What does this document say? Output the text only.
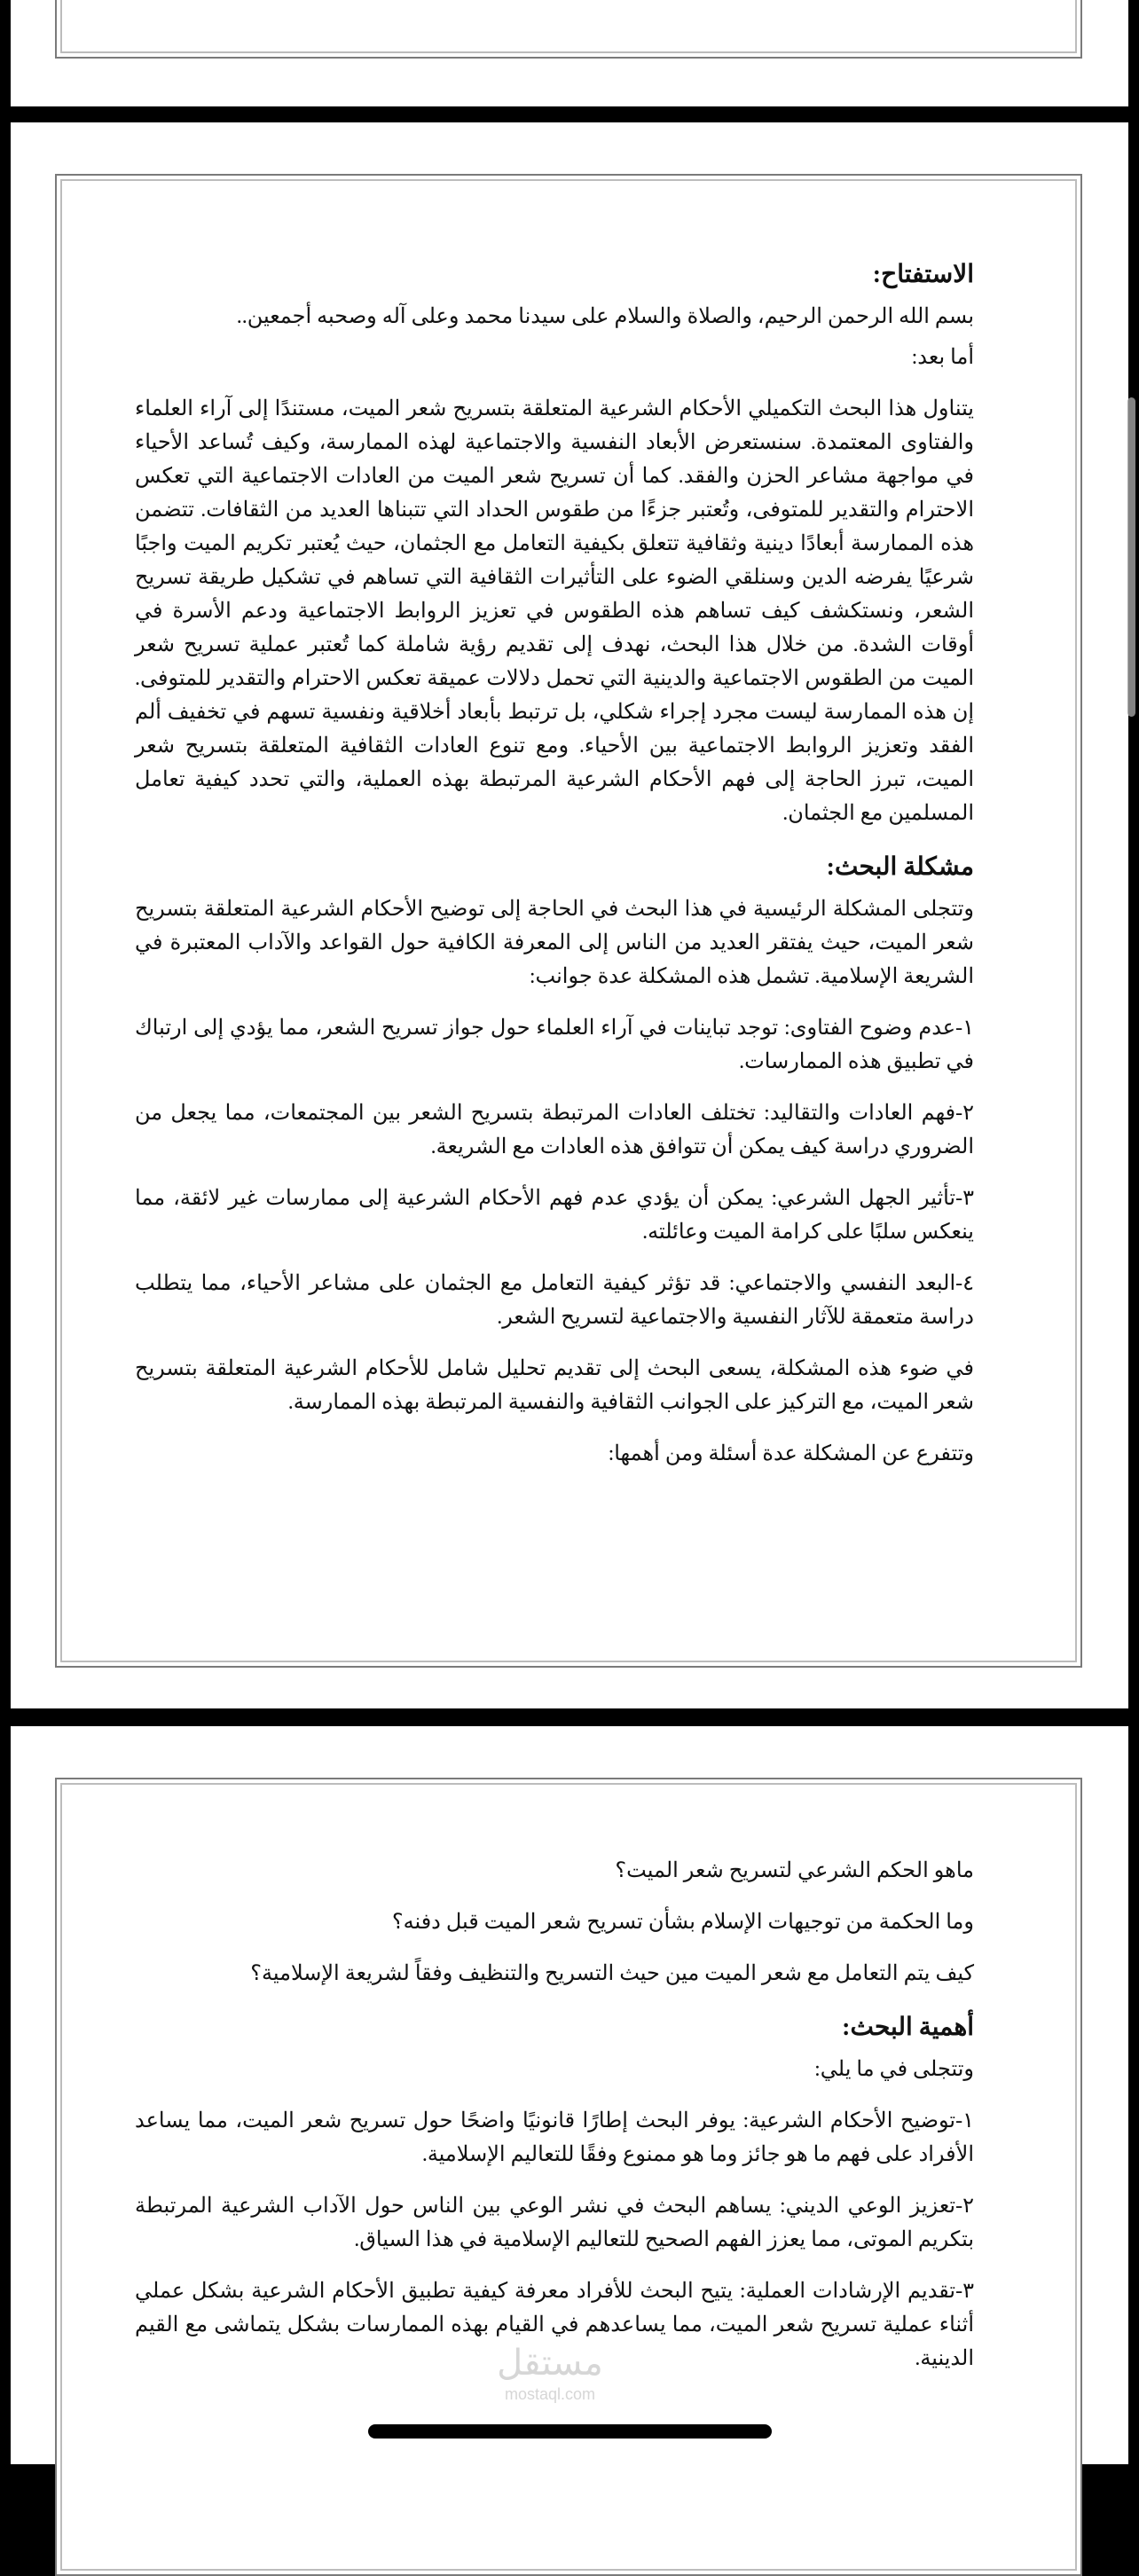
الاستفتاح:

بسم الله الرحمن الرحيم، والصلاة والسلام على سيدنا محمد وعلى آله وصحبه أجمعين..

أما بعد:

يتناول هذا البحث التكميلي الأحكام الشرعية المتعلقة بتسريح شعر الميت، مستندًا إلى آراء العلماء والفتاوى المعتمدة. سنستعرض الأبعاد النفسية والاجتماعية لهذه الممارسة، وكيف تُساعد الأحياء في مواجهة مشاعر الحزن والفقد. كما أن تسريح شعر الميت من العادات الاجتماعية التي تعكس الاحترام والتقدير للمتوفى، وتُعتبر جزءًا من طقوس الحداد التي تتبناها العديد من الثقافات. تتضمن هذه الممارسة أبعادًا دينية وثقافية تتعلق بكيفية التعامل مع الجثمان، حيث يُعتبر تكريم الميت واجبًا شرعيًا يفرضه الدين وسنلقي الضوء على التأثيرات الثقافية التي تساهم في تشكيل طريقة تسريح الشعر، ونستكشف كيف تساهم هذه الطقوس في تعزيز الروابط الاجتماعية ودعم الأسرة في أوقات الشدة. من خلال هذا البحث، نهدف إلى تقديم رؤية شاملة كما تُعتبر عملية تسريح شعر الميت من الطقوس الاجتماعية والدينية التي تحمل دلالات عميقة تعكس الاحترام والتقدير للمتوفى. إن هذه الممارسة ليست مجرد إجراء شكلي، بل ترتبط بأبعاد أخلاقية ونفسية تسهم في تخفيف ألم الفقد وتعزيز الروابط الاجتماعية بين الأحياء. ومع تنوع العادات الثقافية المتعلقة بتسريح شعر الميت، تبرز الحاجة إلى فهم الأحكام الشرعية المرتبطة بهذه العملية، والتي تحدد كيفية تعامل المسلمين مع الجثمان.

مشكلة البحث:

وتتجلى المشكلة الرئيسية في هذا البحث في الحاجة إلى توضيح الأحكام الشرعية المتعلقة بتسريح شعر الميت، حيث يفتقر العديد من الناس إلى المعرفة الكافية حول القواعد والآداب المعتبرة في الشريعة الإسلامية. تشمل هذه المشكلة عدة جوانب:

١-عدم وضوح الفتاوى: توجد تباينات في آراء العلماء حول جواز تسريح الشعر، مما يؤدي إلى ارتباك في تطبيق هذه الممارسات.

٢-فهم العادات والتقاليد: تختلف العادات المرتبطة بتسريح الشعر بين المجتمعات، مما يجعل من الضروري دراسة كيف يمكن أن تتوافق هذه العادات مع الشريعة.

٣-تأثير الجهل الشرعي: يمكن أن يؤدي عدم فهم الأحكام الشرعية إلى ممارسات غير لائقة، مما ينعكس سلبًا على كرامة الميت وعائلته.

٤-البعد النفسي والاجتماعي: قد تؤثر كيفية التعامل مع الجثمان على مشاعر الأحياء، مما يتطلب دراسة متعمقة للآثار النفسية والاجتماعية لتسريح الشعر.

في ضوء هذه المشكلة، يسعى البحث إلى تقديم تحليل شامل للأحكام الشرعية المتعلقة بتسريح شعر الميت، مع التركيز على الجوانب الثقافية والنفسية المرتبطة بهذه الممارسة.

وتتفرع عن المشكلة عدة أسئلة ومن أهمها:

ماهو الحكم الشرعي لتسريح شعر الميت؟

وما الحكمة من توجيهات الإسلام بشأن تسريح شعر الميت قبل دفنه؟

كيف يتم التعامل مع شعر الميت مين حيث التسريح والتنظيف وفقاً لشريعة الإسلامية؟

أهمية البحث:

وتتجلى في ما يلي:

١-توضيح الأحكام الشرعية: يوفر البحث إطارًا قانونيًا واضحًا حول تسريح شعر الميت، مما يساعد الأفراد على فهم ما هو جائز وما هو ممنوع وفقًا للتعاليم الإسلامية.

٢-تعزيز الوعي الديني: يساهم البحث في نشر الوعي بين الناس حول الآداب الشرعية المرتبطة بتكريم الموتى، مما يعزز الفهم الصحيح للتعاليم الإسلامية في هذا السياق.

٣-تقديم الإرشادات العملية: يتيح البحث للأفراد معرفة كيفية تطبيق الأحكام الشرعية بشكل عملي أثناء عملية تسريح شعر الميت، مما يساعدهم في القيام بهذه الممارسات بشكل يتماشى مع القيم الدينية.

مستقل
mostaql.com
